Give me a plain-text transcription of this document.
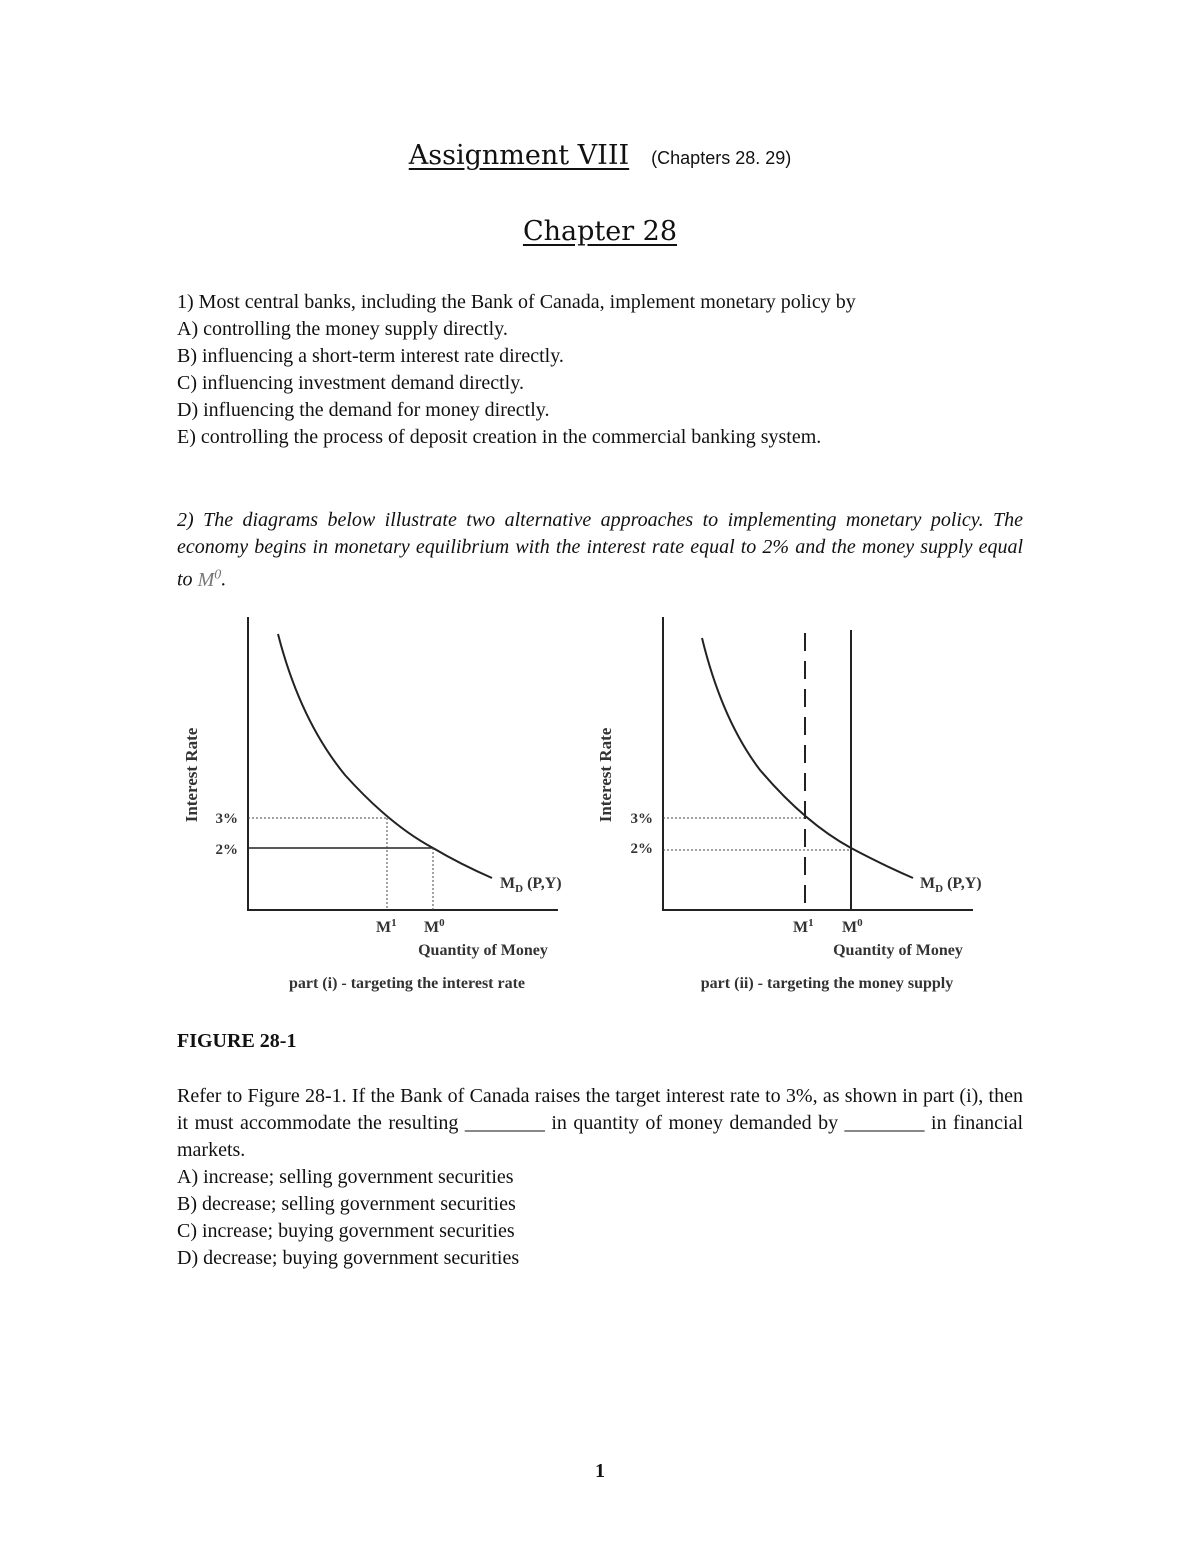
Assignment VIII (Chapters 28. 29)
Chapter 28

1) Most central banks, including the Bank of Canada, implement monetary policy by

A) controlling the money supply directly.

B) influencing a short-term interest rate directly.

C) influencing investment demand directly.

D) influencing the demand for money directly.

E) controlling the process of deposit creation in the commercial banking system.

2) The diagrams below illustrate two alternative approaches to implementing monetary policy. The economy begins in monetary equilibrium with the interest rate equal to 2% and the money supply equal to $M^0$.
Interest Rate 3%
2%
$M_D$ (P,Y)
$M^1$ $M^0$
Quantity of Money
part (i) - targeting the interest rate
Interest Rate 3%
2%
$M_D$ (P,Y)
$M^1$ $M^0$
Quantity of Money
part (ii) - targeting the money supply
FIGURE 28-1

Refer to Figure 28-1. If the Bank of Canada raises the target interest rate to 3%, as shown in part (i), then it must accommodate the resulting ________ in quantity of money demanded by ________ in financial markets.

A) increase; selling government securities

B) decrease; selling government securities

C) increase; buying government securities

D) decrease; buying government securities

1
